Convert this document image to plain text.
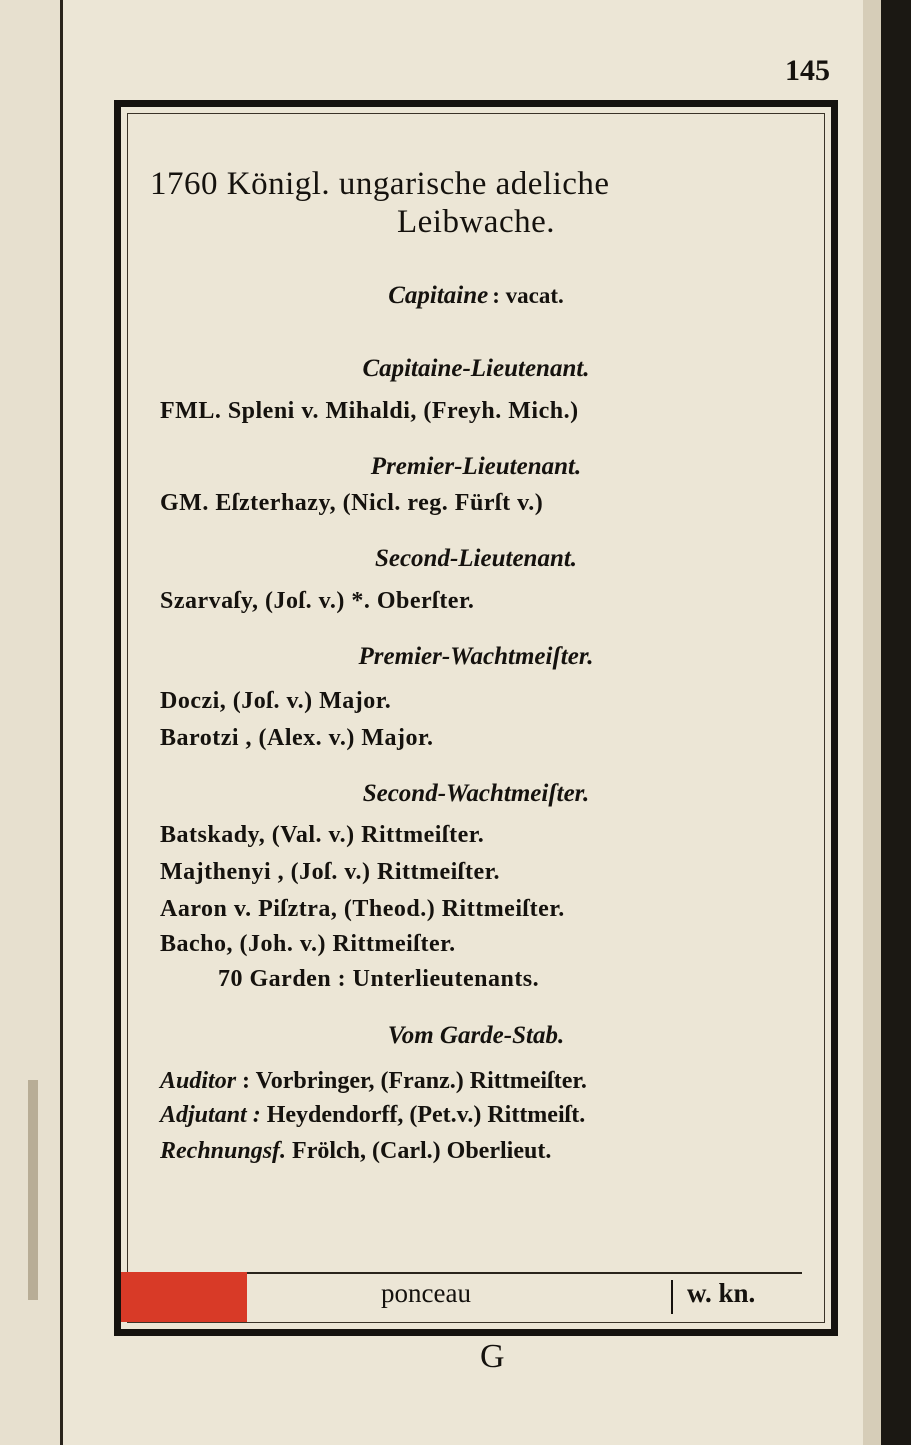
145
1760 Königl. ungarische adeliche
Leibwache.
Capitaine : vacat.
Capitaine-Lieutenant.
FML. Spleni v. Mihaldi, (Freyh. Mich.)
Premier-Lieutenant.
GM. Eſzterhazy, (Nicl. reg. Fürſt v.)
Second-Lieutenant.
Szarvaſy, (Joſ. v.) *. Oberſter.
Premier-Wachtmeiſter.
Doczi, (Joſ. v.) Major.
Barotzi , (Alex. v.) Major.
Second-Wachtmeiſter.
Batskady, (Val. v.) Rittmeiſter.
Majthenyi , (Joſ. v.) Rittmeiſter.
Aaron v. Piſztra, (Theod.) Rittmeiſter.
Bacho, (Joh. v.) Rittmeiſter.
70 Garden : Unterlieutenants.
Vom Garde-Stab.
Auditor : Vorbringer, (Franz.) Rittmeiſter.
Adjutant : Heydendorff, (Pet.v.) Rittmeiſt.
Rechnungsf. Frölch, (Carl.) Oberlieut.
ponceau	w. kn.
G
